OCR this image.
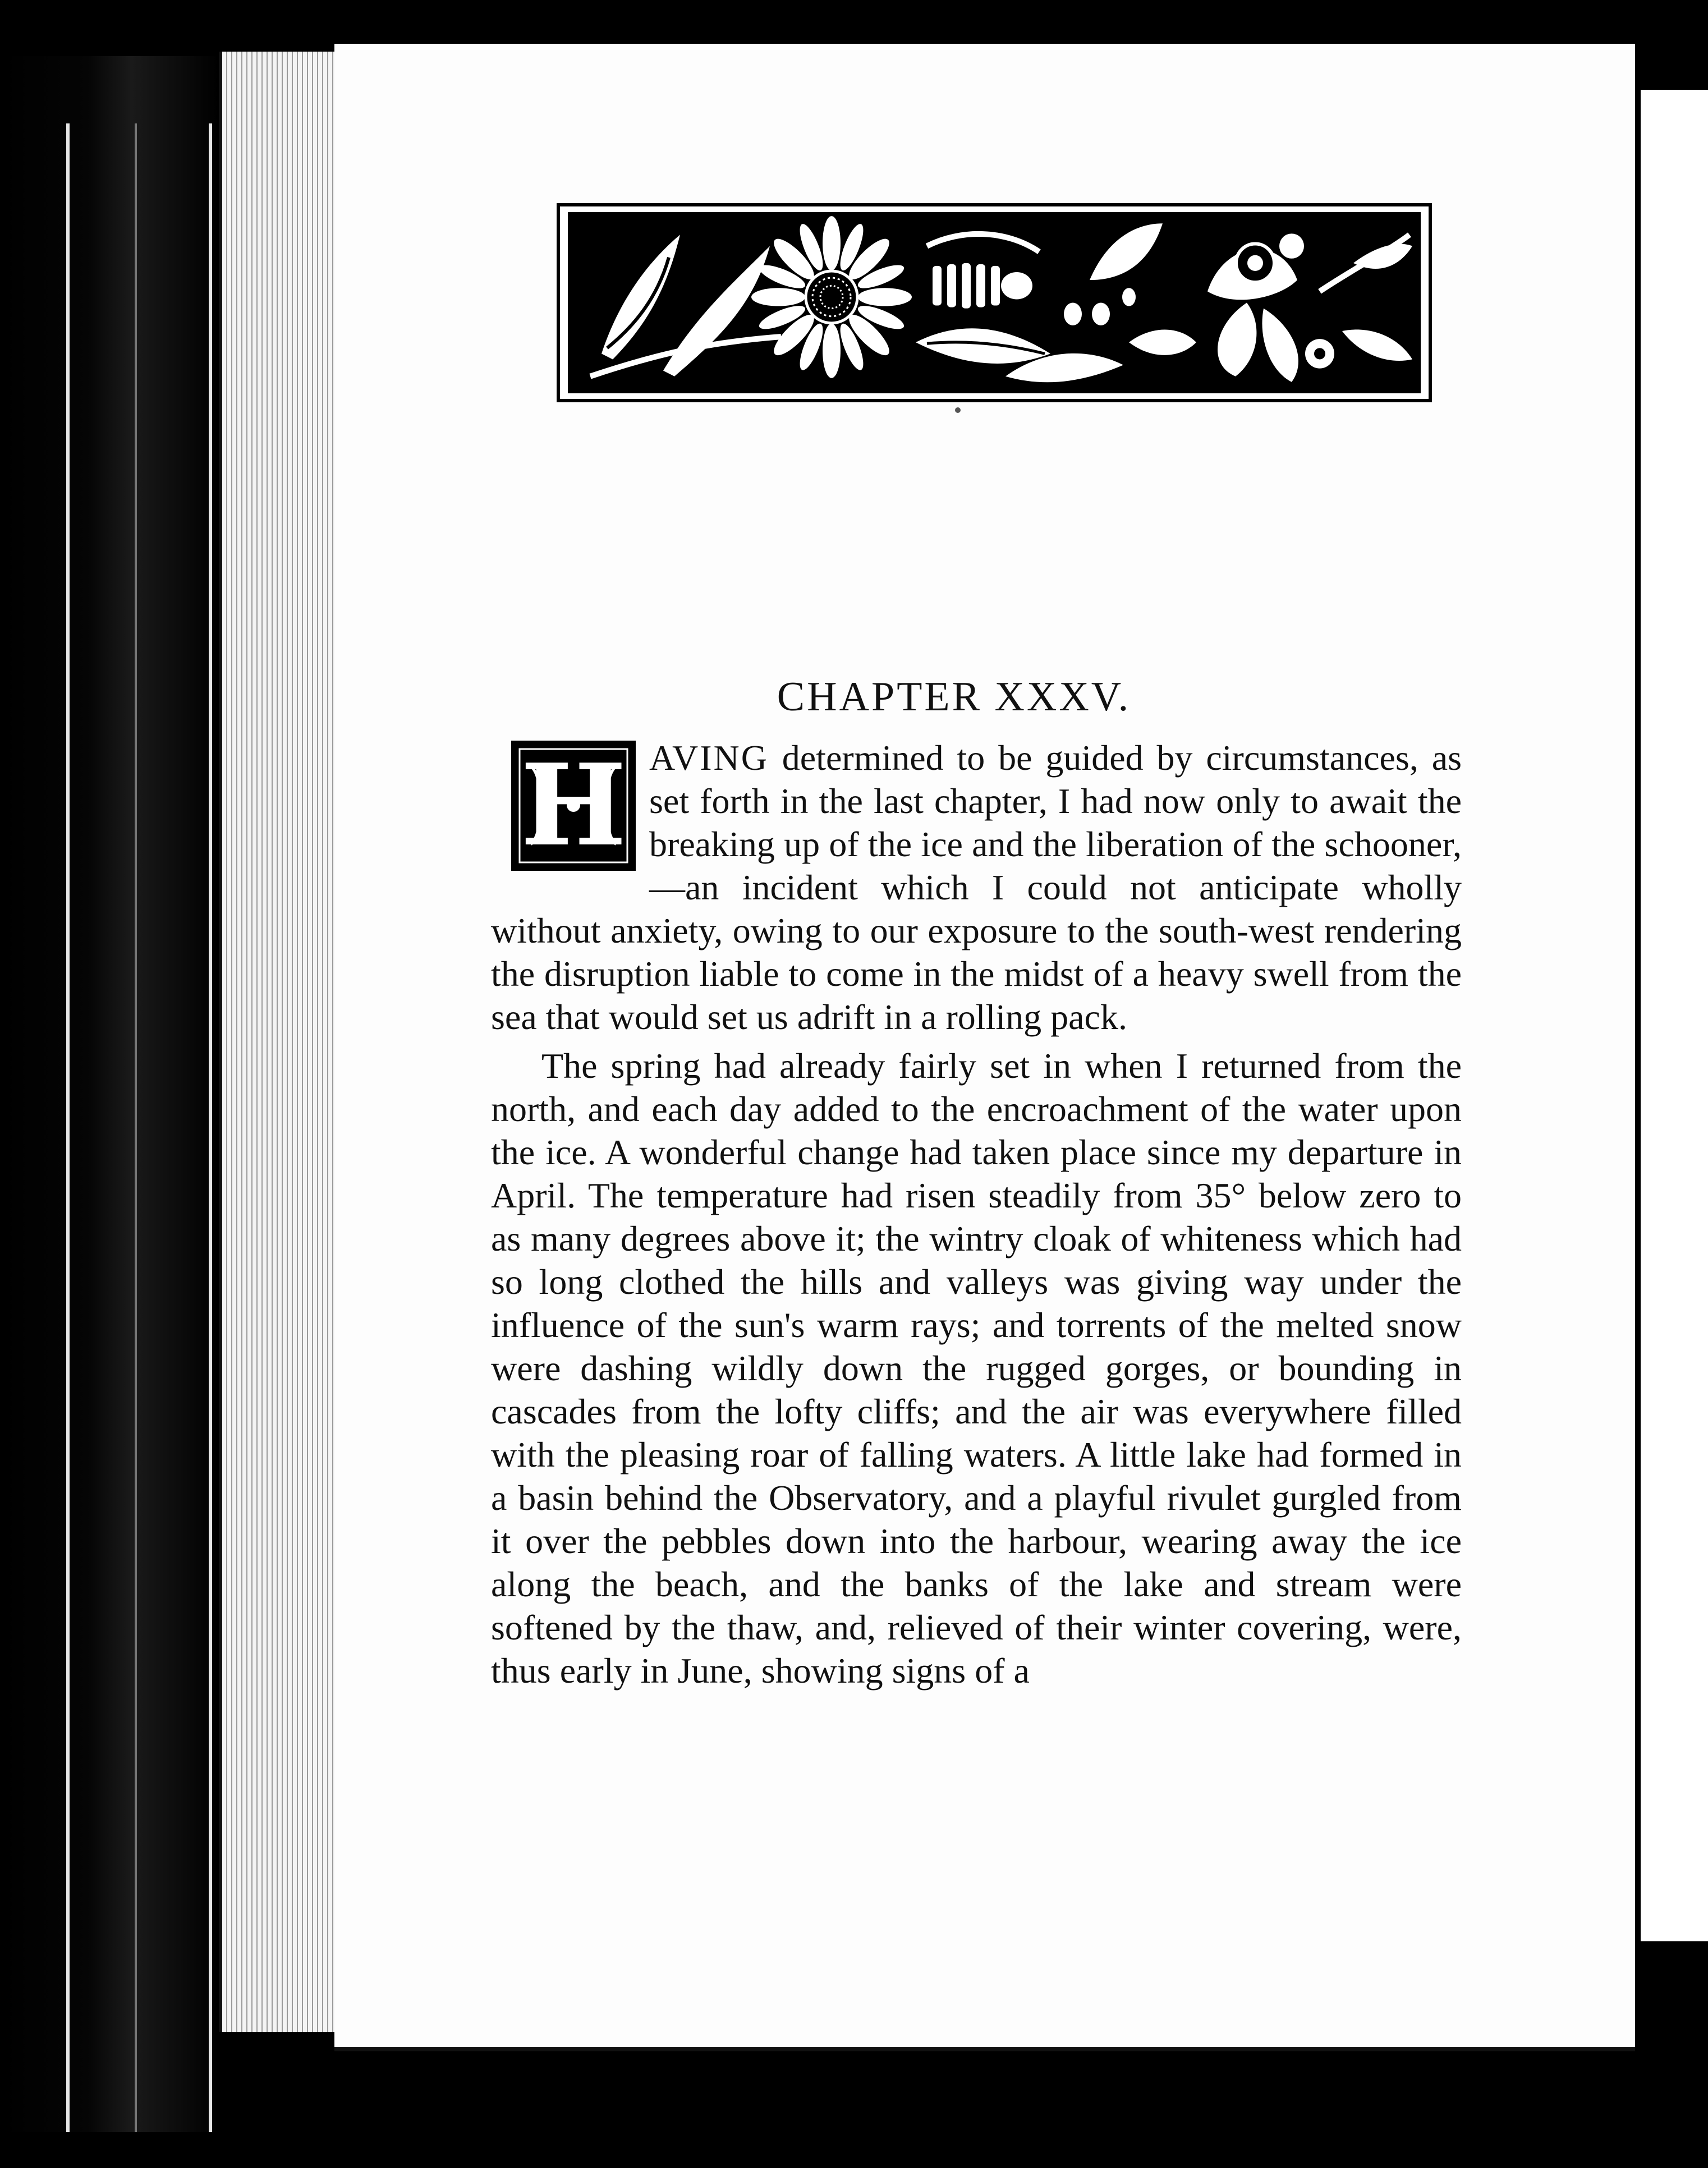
CHAPTER XXXV.

H AVING determined to be guided by circumstances, as set forth in the last chapter, I had now only to await the breaking up of the ice and the liberation of the schooner,—an incident which I could not anticipate wholly without anxiety, owing to our exposure to the south-west rendering the disruption liable to come in the midst of a heavy swell from the sea that would set us adrift in a rolling pack.

The spring had already fairly set in when I returned from the north, and each day added to the encroachment of the water upon the ice. A wonderful change had taken place since my departure in April. The temperature had risen steadily from 35° below zero to as many degrees above it; the wintry cloak of whiteness which had so long clothed the hills and valleys was giving way under the influence of the sun's warm rays; and torrents of the melted snow were dashing wildly down the rugged gorges, or bounding in cascades from the lofty cliffs; and the air was everywhere filled with the pleasing roar of falling waters. A little lake had formed in a basin behind the Observatory, and a playful rivulet gurgled from it over the pebbles down into the harbour, wearing away the ice along the beach, and the banks of the lake and stream were softened by the thaw, and, relieved of their winter covering, were, thus early in June, showing signs of a
